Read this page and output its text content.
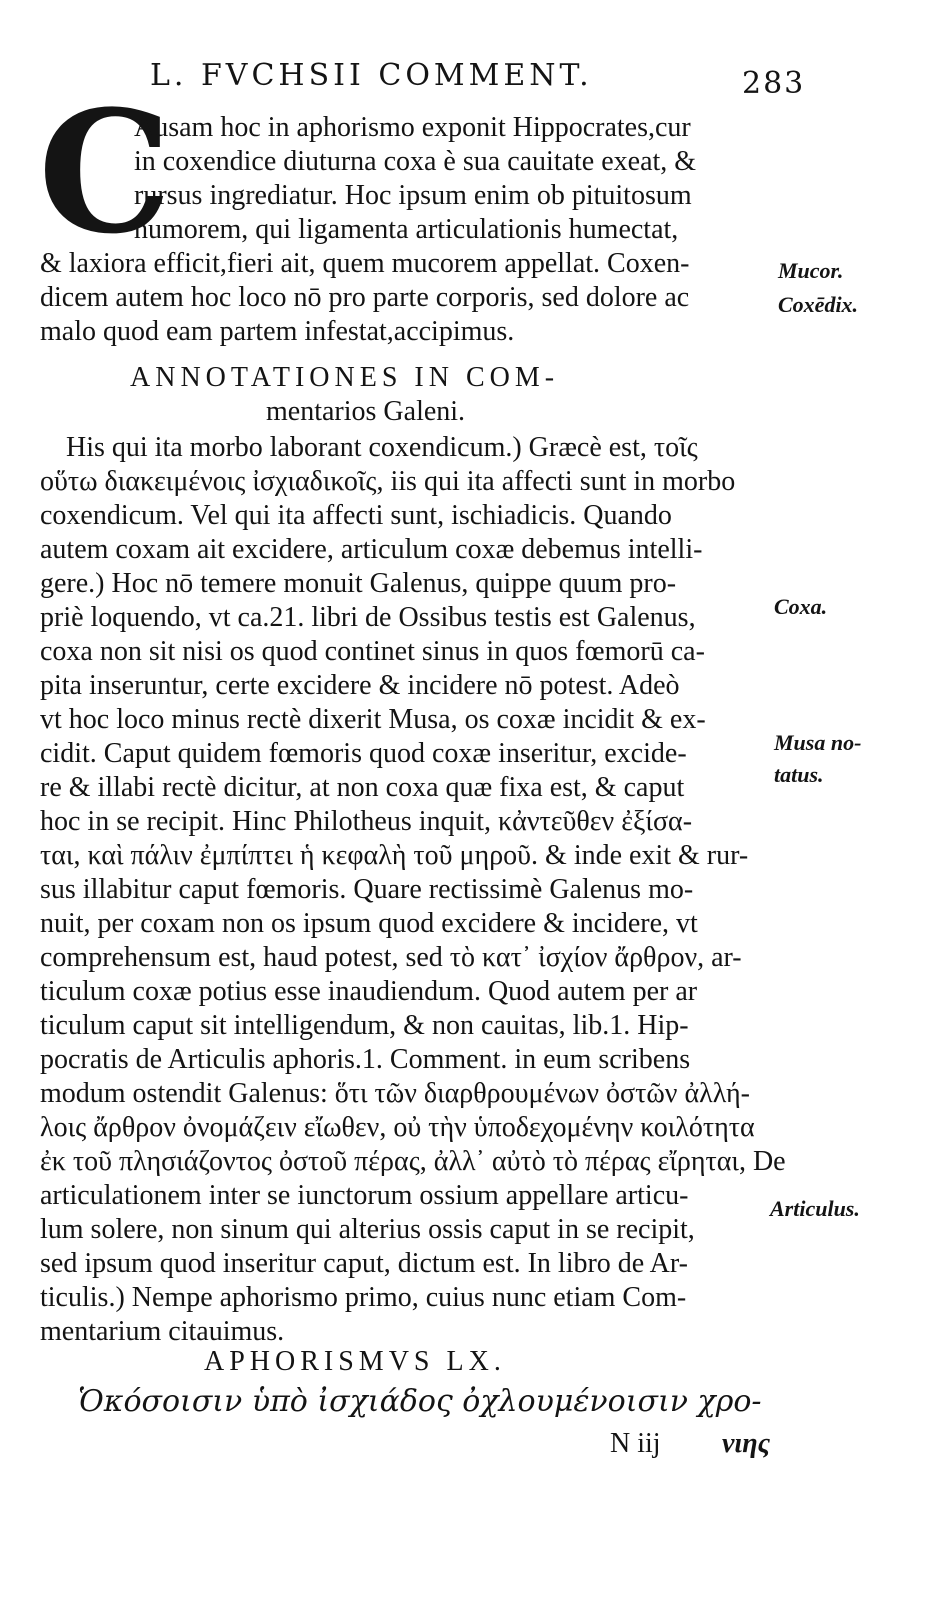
L. FVCHSII COMMENT.	283
C
Ausam hoc in aphorismo exponit Hippocrates,cur
in coxendice diuturna coxa è sua cauitate exeat, &
rursus ingrediatur. Hoc ipsum enim ob pituitosum
humorem, qui ligamenta articulationis humectat,
& laxiora efficit,fieri ait, quem mucorem appellat. Coxen-
dicem autem hoc loco nō pro parte corporis, sed dolore ac
malo quod eam partem infestat,accipimus.
Mucor.
Coxēdix.
ANNOTATIONES IN COM-
mentarios Galeni.
His qui ita morbo laborant coxendicum.) Græcè est, τοῖς
οὕτω διακειμένοις ἰσχιαδικοῖς, iis qui ita affecti sunt in morbo
coxendicum. Vel qui ita affecti sunt, ischiadicis. Quando
autem coxam ait excidere, articulum coxæ debemus intelli-
gere.) Hoc nō temere monuit Galenus, quippe quum pro-
priè loquendo, vt ca.21. libri de Ossibus testis est Galenus,
coxa non sit nisi os quod continet sinus in quos fœmorū ca-
pita inseruntur, certe excidere & incidere nō potest. Adeò
vt hoc loco minus rectè dixerit Musa, os coxæ incidit & ex-
cidit. Caput quidem fœmoris quod coxæ inseritur, excide-
re & illabi rectè dicitur, at non coxa quæ fixa est, & caput
hoc in se recipit. Hinc Philotheus inquit, κἀντεῦθεν ἐξίσα-
ται, καὶ πάλιν ἐμπίπτει ἡ κεφαλὴ τοῦ μηροῦ. & inde exit & rur-
sus illabitur caput fœmoris. Quare rectissimè Galenus mo-
nuit, per coxam non os ipsum quod excidere & incidere, vt
comprehensum est, haud potest, sed τὸ κατ᾽ ἰσχίον ἄρθρον, ar-
ticulum coxæ potius esse inaudiendum. Quod autem per ar
ticulum caput sit intelligendum, & non cauitas, lib.1. Hip-
pocratis de Articulis aphoris.1. Comment. in eum scribens
modum ostendit Galenus: ὅτι τῶν διαρθρουμένων ὀστῶν ἀλλή-
λοις ἄρθρον ὀνομάζειν εἴωθεν, οὐ τὴν ὑποδεχομένην κοιλότητα
ἐκ τοῦ πλησιάζοντος ὀστοῦ πέρας, ἀλλ᾽ αὐτὸ τὸ πέρας εἴρηται, De
articulationem inter se iunctorum ossium appellare articu-
lum solere, non sinum qui alterius ossis caput in se recipit,
sed ipsum quod inseritur caput, dictum est. In libro de Ar-
ticulis.) Nempe aphorismo primo, cuius nunc etiam Com-
mentarium citauimus.
Coxa.
Musa no-
tatus.
Articulus.
APHORISMVS LX.
Ὁκόσοισιν ὑπὸ ἰσχιάδος ὀχλουμένοισιν χρο-
N iij νιης
